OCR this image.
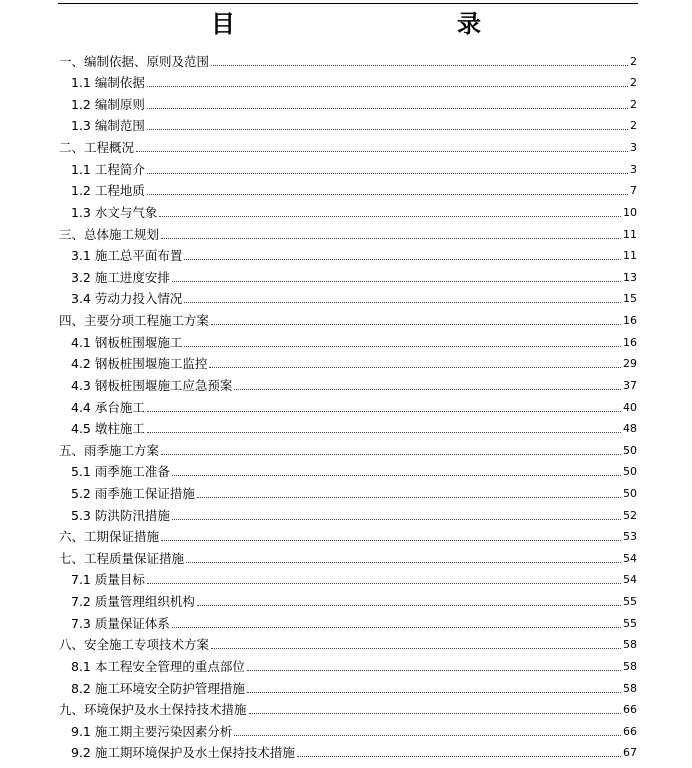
目　　录
一、编制依据、原则及范围	2
1.1 编制依据	2
1.2 编制原则	2
1.3 编制范围	2
二、工程概况	3
1.1 工程简介	3
1.2 工程地质	7
1.3 水文与气象	10
三、总体施工规划	11
3.1 施工总平面布置	11
3.2 施工进度安排	13
3.4 劳动力投入情况	15
四、主要分项工程施工方案	16
4.1 钢板桩围堰施工	16
4.2 钢板桩围堰施工监控	29
4.3 钢板桩围堰施工应急预案	37
4.4 承台施工	40
4.5 墩柱施工	48
五、雨季施工方案	50
5.1 雨季施工准备	50
5.2 雨季施工保证措施	50
5.3 防洪防汛措施	52
六、工期保证措施	53
七、工程质量保证措施	54
7.1 质量目标	54
7.2 质量管理组织机构	55
7.3 质量保证体系	55
八、安全施工专项技术方案	58
8.1 本工程安全管理的重点部位	58
8.2 施工环境安全防护管理措施	58
九、环境保护及水土保持技术措施	66
9.1 施工期主要污染因素分析	66
9.2 施工期环境保护及水土保持技术措施	67
